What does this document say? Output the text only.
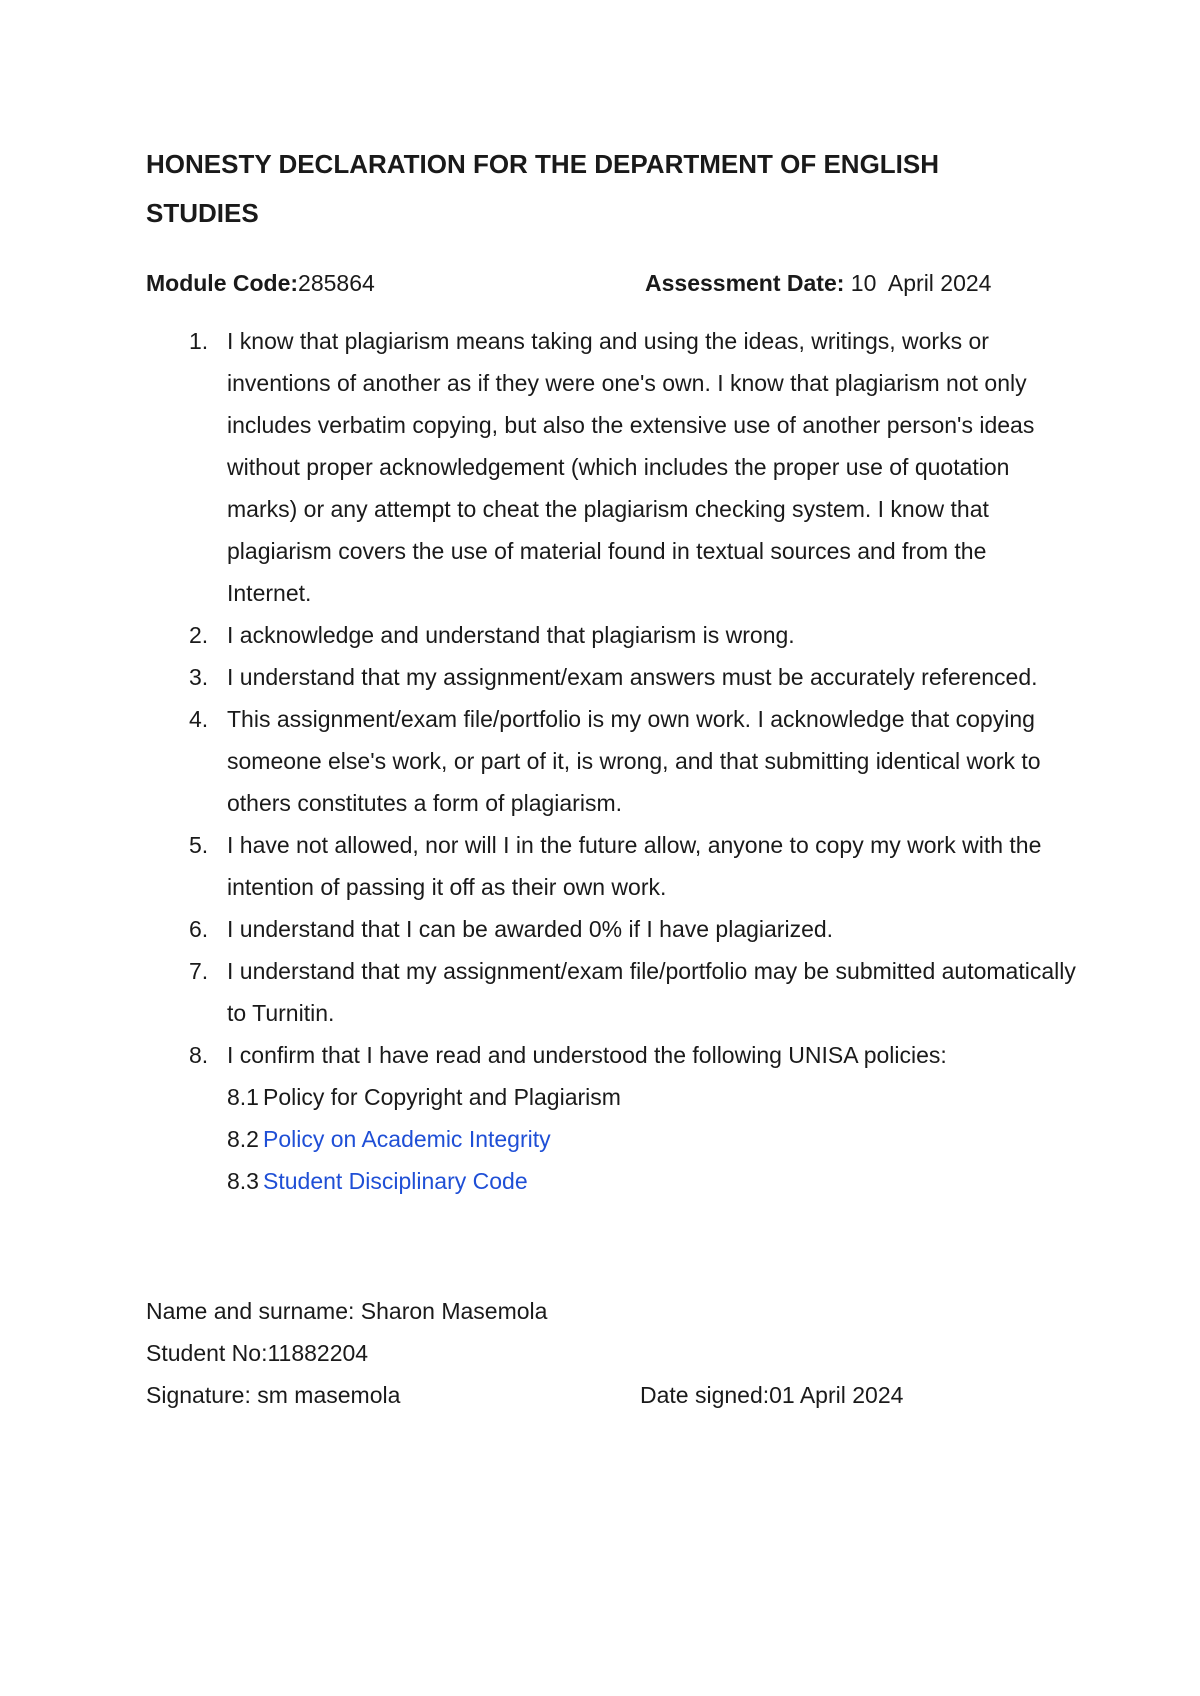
HONESTY DECLARATION FOR THE DEPARTMENT OF ENGLISH STUDIES
Module Code:285864	Assessment Date: 10  April 2024
1. I know that plagiarism means taking and using the ideas, writings, works or inventions of another as if they were one's own. I know that plagiarism not only includes verbatim copying, but also the extensive use of another person's ideas without proper acknowledgement (which includes the proper use of quotation marks) or any attempt to cheat the plagiarism checking system. I know that plagiarism covers the use of material found in textual sources and from the Internet.
2. I acknowledge and understand that plagiarism is wrong.
3. I understand that my assignment/exam answers must be accurately referenced.
4. This assignment/exam file/portfolio is my own work. I acknowledge that copying someone else's work, or part of it, is wrong, and that submitting identical work to others constitutes a form of plagiarism.
5. I have not allowed, nor will I in the future allow, anyone to copy my work with the intention of passing it off as their own work.
6. I understand that I can be awarded 0% if I have plagiarized.
7. I understand that my assignment/exam file/portfolio may be submitted automatically to Turnitin.
8. I confirm that I have read and understood the following UNISA policies:
8.1 Policy for Copyright and Plagiarism
8.2 Policy on Academic Integrity
8.3 Student Disciplinary Code
Name and surname: Sharon Masemola
Student No:11882204
Signature: sm masemola	Date signed:01 April 2024
